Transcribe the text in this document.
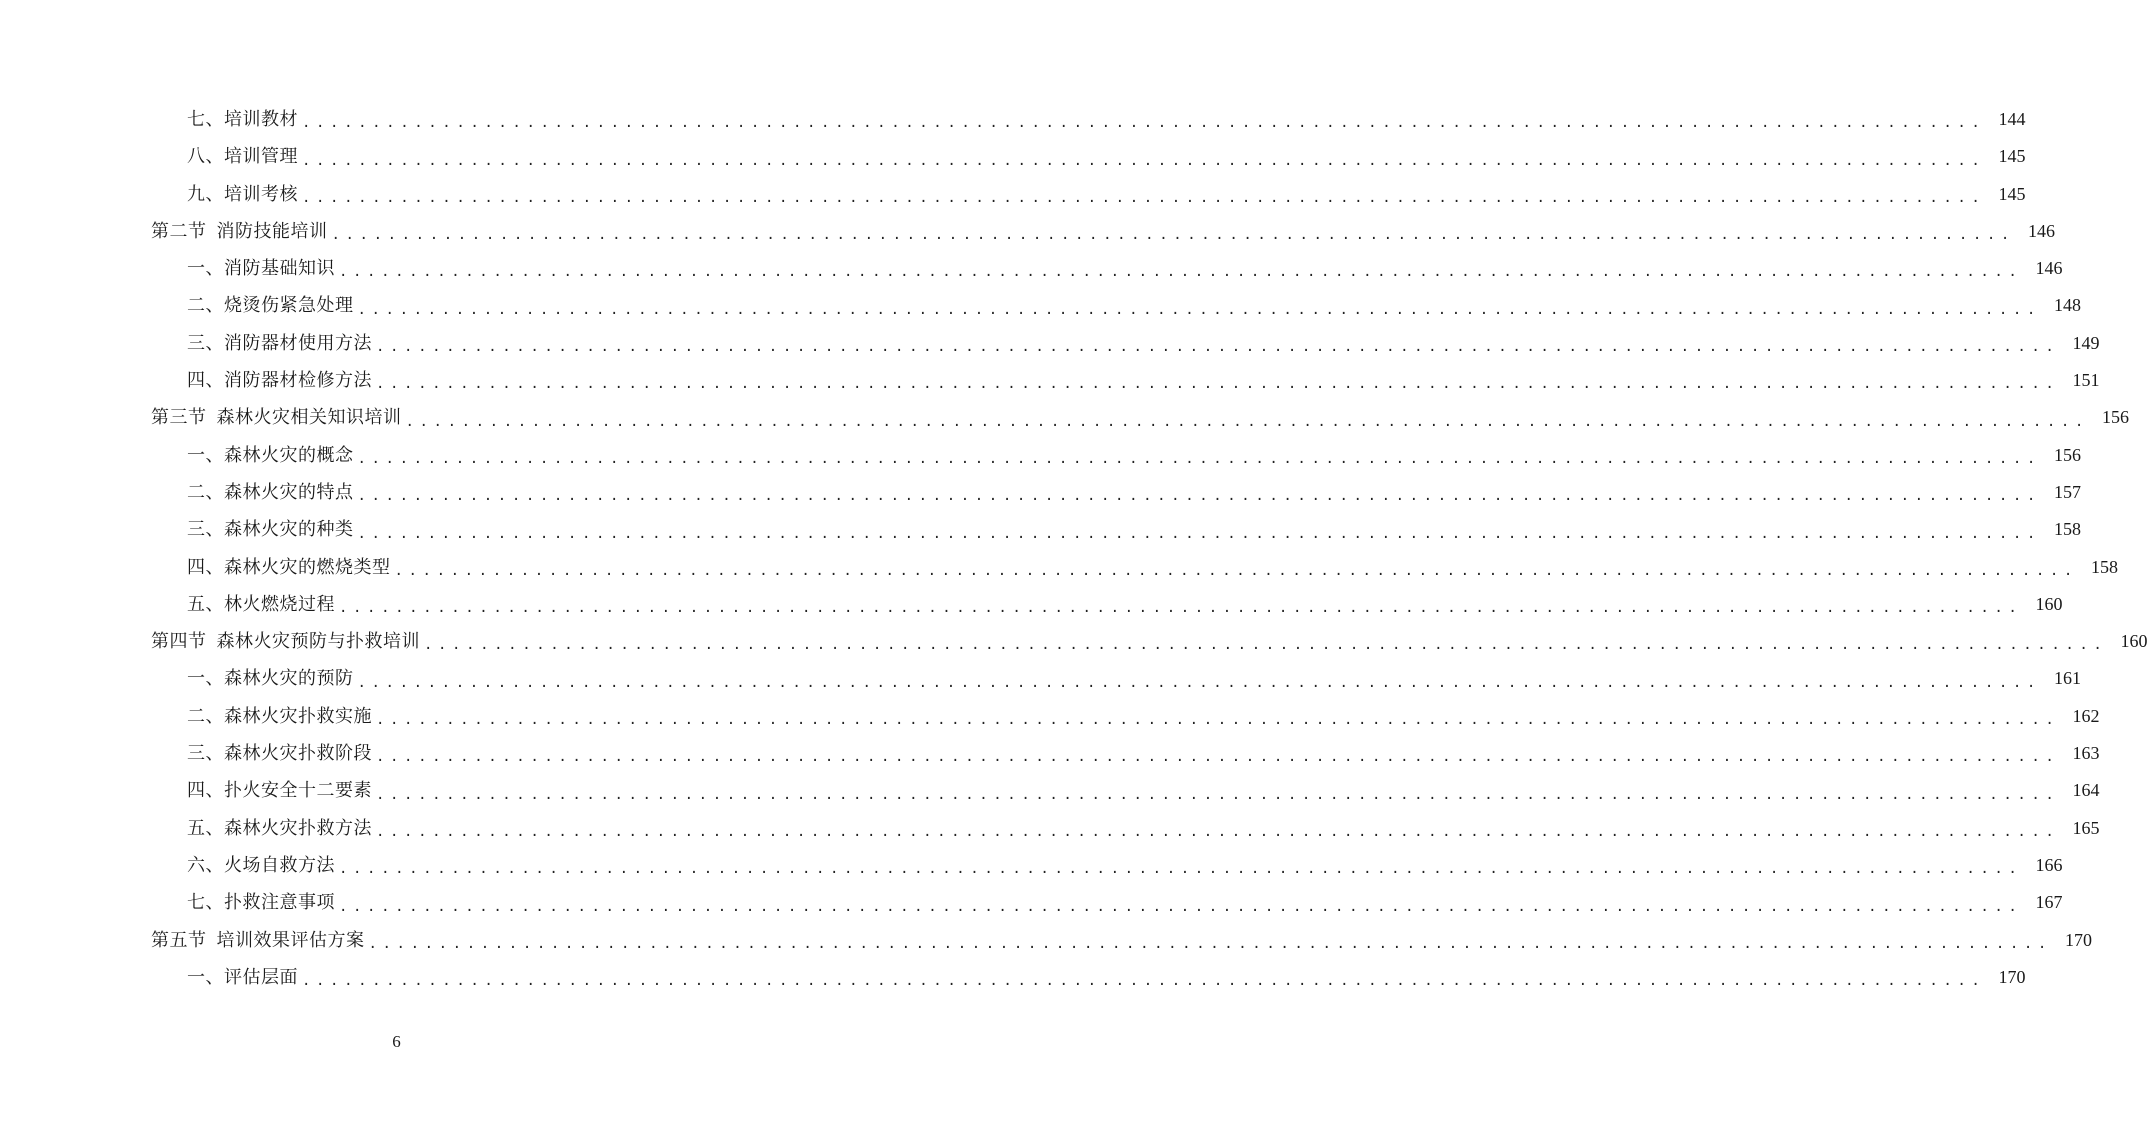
七、培训教材 ........................................................................................................................ 144
八、培训管理 ........................................................................................................................ 145
九、培训考核 ........................................................................................................................ 145
第二节 消防技能培训 ........................................................................................................................ 146
一、消防基础知识 ........................................................................................................................ 146
二、烧烫伤紧急处理 ........................................................................................................................ 148
三、消防器材使用方法 ........................................................................................................................ 149
四、消防器材检修方法 ........................................................................................................................ 151
第三节 森林火灾相关知识培训 ........................................................................................................................ 156
一、森林火灾的概念 ........................................................................................................................ 156
二、森林火灾的特点 ........................................................................................................................ 157
三、森林火灾的种类 ........................................................................................................................ 158
四、森林火灾的燃烧类型 ........................................................................................................................ 158
五、林火燃烧过程 ........................................................................................................................ 160
第四节 森林火灾预防与扑救培训 ........................................................................................................................ 160
一、森林火灾的预防 ........................................................................................................................ 161
二、森林火灾扑救实施 ........................................................................................................................ 162
三、森林火灾扑救阶段 ........................................................................................................................ 163
四、扑火安全十二要素 ........................................................................................................................ 164
五、森林火灾扑救方法 ........................................................................................................................ 165
六、火场自救方法 ........................................................................................................................ 166
七、扑救注意事项 ........................................................................................................................ 167
第五节 培训效果评估方案 ........................................................................................................................ 170
一、评估层面 ........................................................................................................................ 170
6
